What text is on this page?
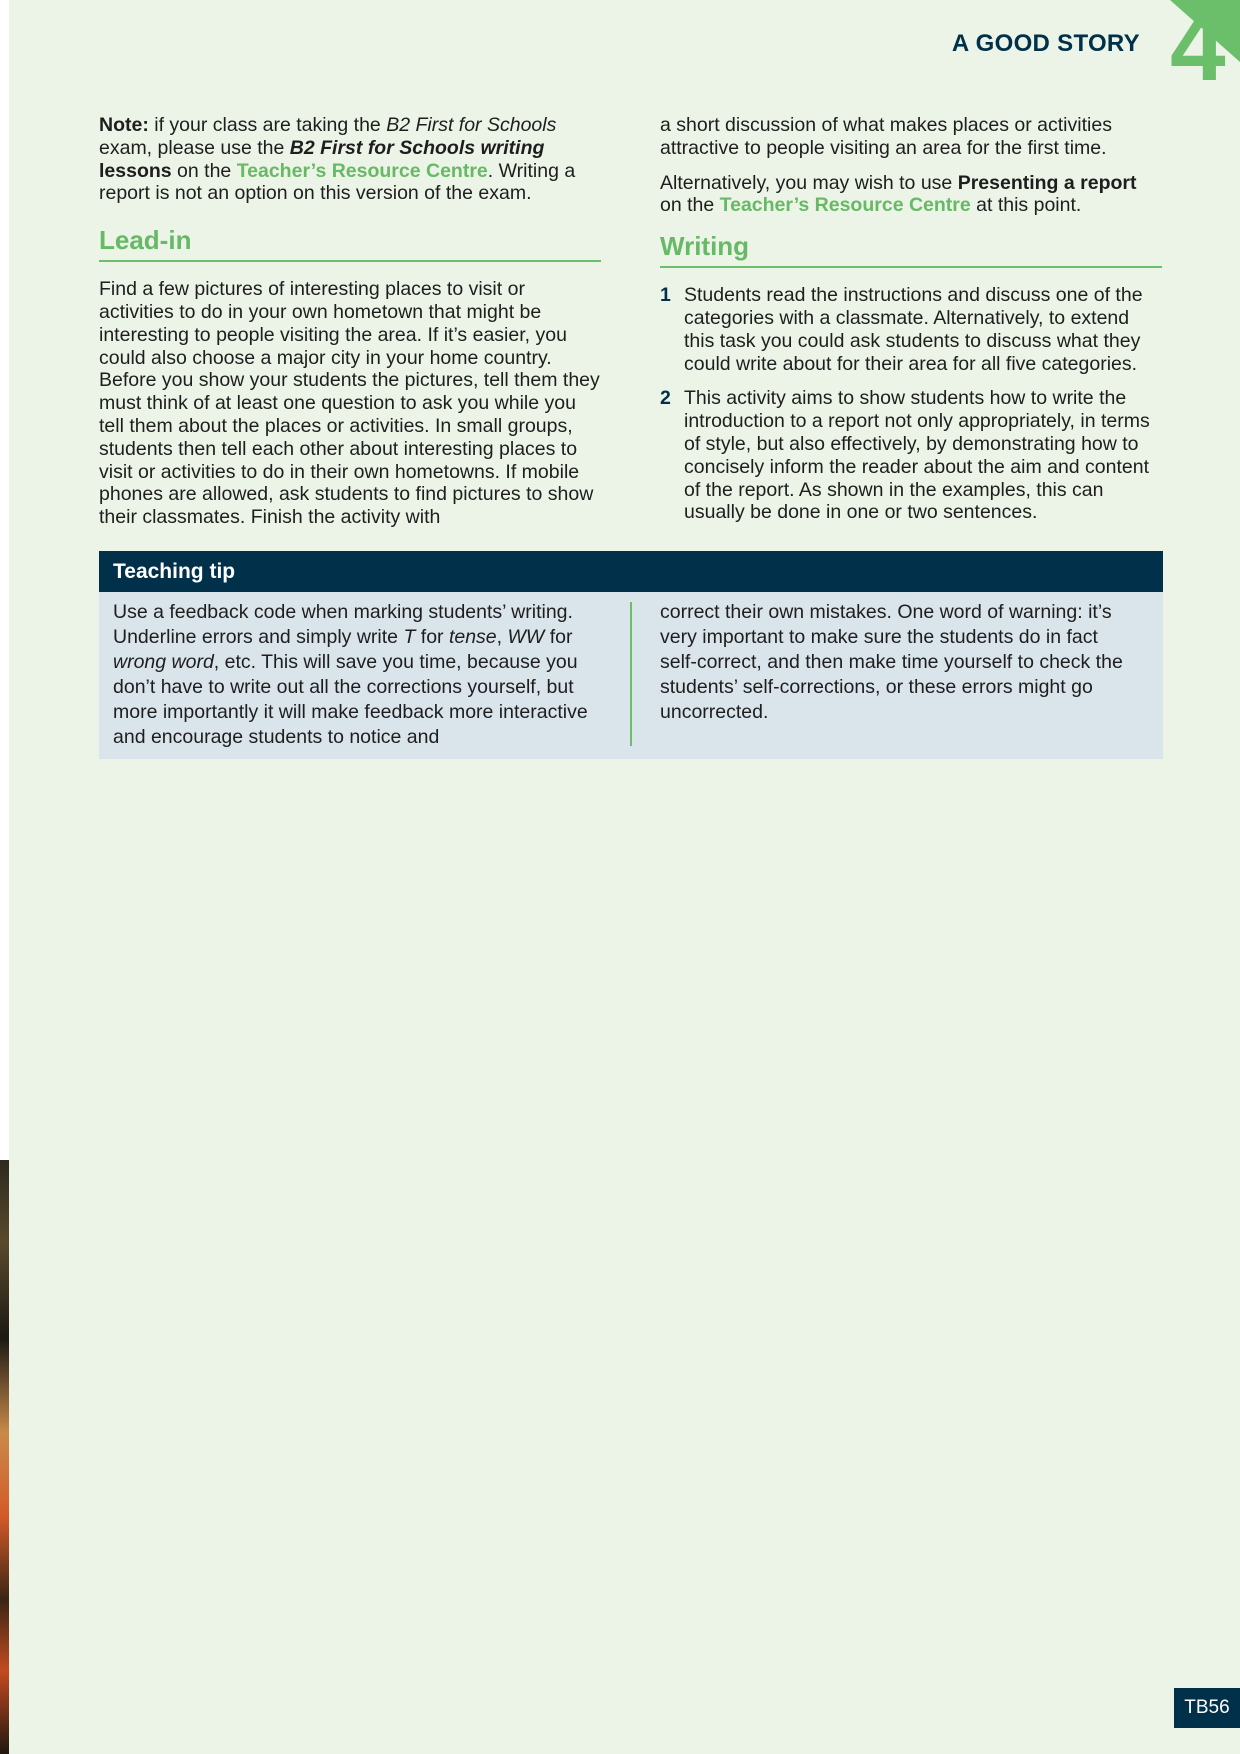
A GOOD STORY 4

Note: if your class are taking the B2 First for Schools exam, please use the B2 First for Schools writing lessons on the Teacher’s Resource Centre. Writing a report is not an option on this version of the exam.

Lead-in

Find a few pictures of interesting places to visit or activities to do in your own hometown that might be interesting to people visiting the area. If it’s easier, you could also choose a major city in your home country. Before you show your students the pictures, tell them they must think of at least one question to ask you while you tell them about the places or activities. In small groups, students then tell each other about interesting places to visit or activities to do in their own hometowns. If mobile phones are allowed, ask students to find pictures to show their classmates. Finish the activity with

a short discussion of what makes places or activities attractive to people visiting an area for the first time.

Alternatively, you may wish to use Presenting a report on the Teacher’s Resource Centre at this point.

Writing
1 Students read the instructions and discuss one of the categories with a classmate. Alternatively, to extend this task you could ask students to discuss what they could write about for their area for all five categories.
2 This activity aims to show students how to write the introduction to a report not only appropriately, in terms of style, but also effectively, by demonstrating how to concisely inform the reader about the aim and content of the report. As shown in the examples, this can usually be done in one or two sentences.
Teaching tip
Use a feedback code when marking students’ writing. Underline errors and simply write T for tense, WW for wrong word, etc. This will save you time, because you don’t have to write out all the corrections yourself, but more importantly it will make feedback more interactive and encourage students to notice and
correct their own mistakes. One word of warning: it’s very important to make sure the students do in fact self-correct, and then make time yourself to check the students’ self-corrections, or these errors might go uncorrected.
TB56
